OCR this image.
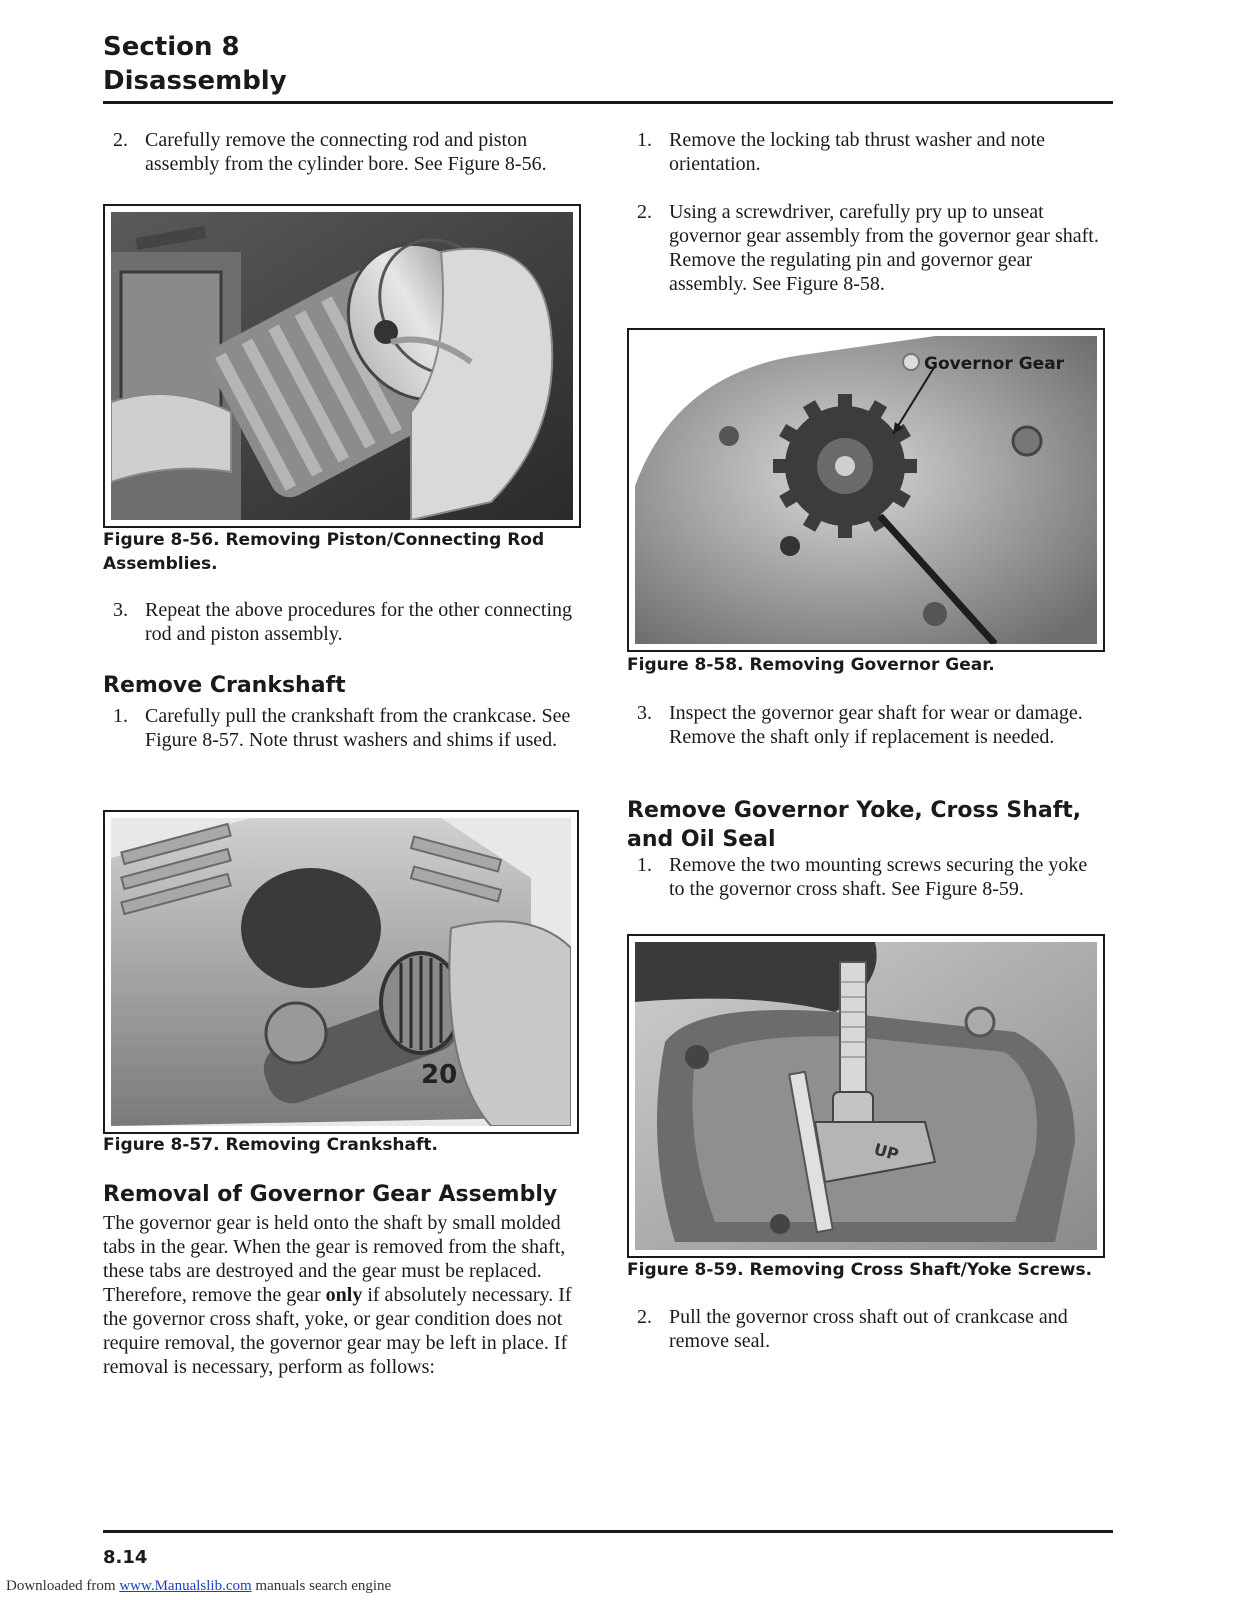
Section 8
Disassembly
2. Carefully remove the connecting rod and piston assembly from the cylinder bore. See Figure 8-56.
Figure 8-56. Removing Piston/Connecting Rod Assemblies.
3. Repeat the above procedures for the other connecting rod and piston assembly.
Remove Crankshaft
1. Carefully pull the crankshaft from the crankcase. See Figure 8-57. Note thrust washers and shims if used.
20
Figure 8-57. Removing Crankshaft.
Removal of Governor Gear Assembly
The governor gear is held onto the shaft by small molded tabs in the gear. When the gear is removed from the shaft, these tabs are destroyed and the gear must be replaced. Therefore, remove the gear only if absolutely necessary. If the governor cross shaft, yoke, or gear condition does not require removal, the governor gear may be left in place. If removal is necessary, perform as follows:
1. Remove the locking tab thrust washer and note orientation.
2. Using a screwdriver, carefully pry up to unseat governor gear assembly from the governor gear shaft. Remove the regulating pin and governor gear assembly. See Figure 8-58.
Governor Gear
Figure 8-58. Removing Governor Gear.
3. Inspect the governor gear shaft for wear or damage. Remove the shaft only if replacement is needed.
Remove Governor Yoke, Cross Shaft, and Oil Seal
1. Remove the two mounting screws securing the yoke to the governor cross shaft. See Figure 8-59.
UP
Figure 8-59. Removing Cross Shaft/Yoke Screws.
2. Pull the governor cross shaft out of crankcase and remove seal.
8.14
Downloaded from www.Manualslib.com manuals search engine
